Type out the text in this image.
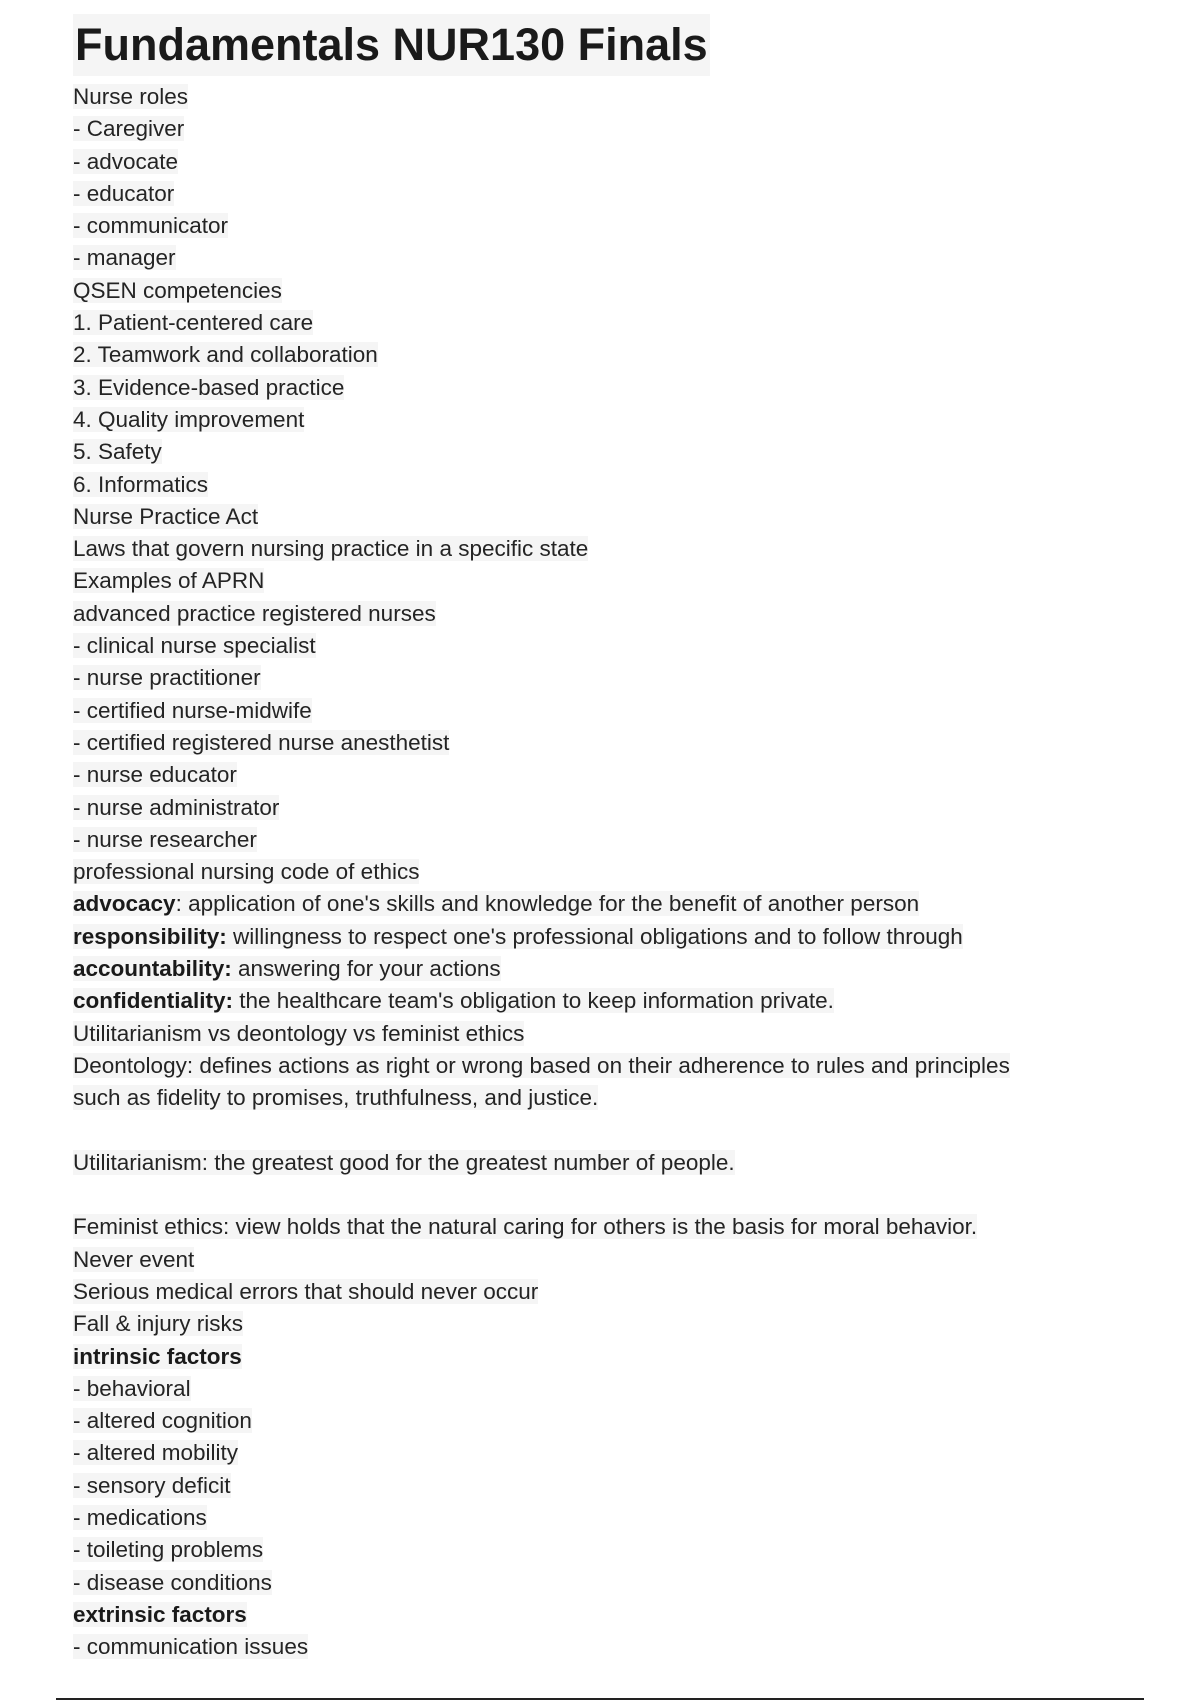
Fundamentals NUR130 Finals
Nurse roles
- Caregiver
- advocate
- educator
- communicator
- manager
QSEN competencies
1. Patient-centered care
2. Teamwork and collaboration
3. Evidence-based practice
4. Quality improvement
5. Safety
6. Informatics
Nurse Practice Act
Laws that govern nursing practice in a specific state
Examples of APRN
advanced practice registered nurses
- clinical nurse specialist
- nurse practitioner
- certified nurse-midwife
- certified registered nurse anesthetist
- nurse educator
- nurse administrator
- nurse researcher
professional nursing code of ethics
advocacy: application of one's skills and knowledge for the benefit of another person
responsibility: willingness to respect one's professional obligations and to follow through
accountability: answering for your actions
confidentiality: the healthcare team's obligation to keep information private.
Utilitarianism vs deontology vs feminist ethics
Deontology: defines actions as right or wrong based on their adherence to rules and principles
such as fidelity to promises, truthfulness, and justice.
Utilitarianism: the greatest good for the greatest number of people.
Feminist ethics: view holds that the natural caring for others is the basis for moral behavior.
Never event
Serious medical errors that should never occur
Fall & injury risks
intrinsic factors
- behavioral
- altered cognition
- altered mobility
- sensory deficit
- medications
- toileting problems
- disease conditions
extrinsic factors
- communication issues
